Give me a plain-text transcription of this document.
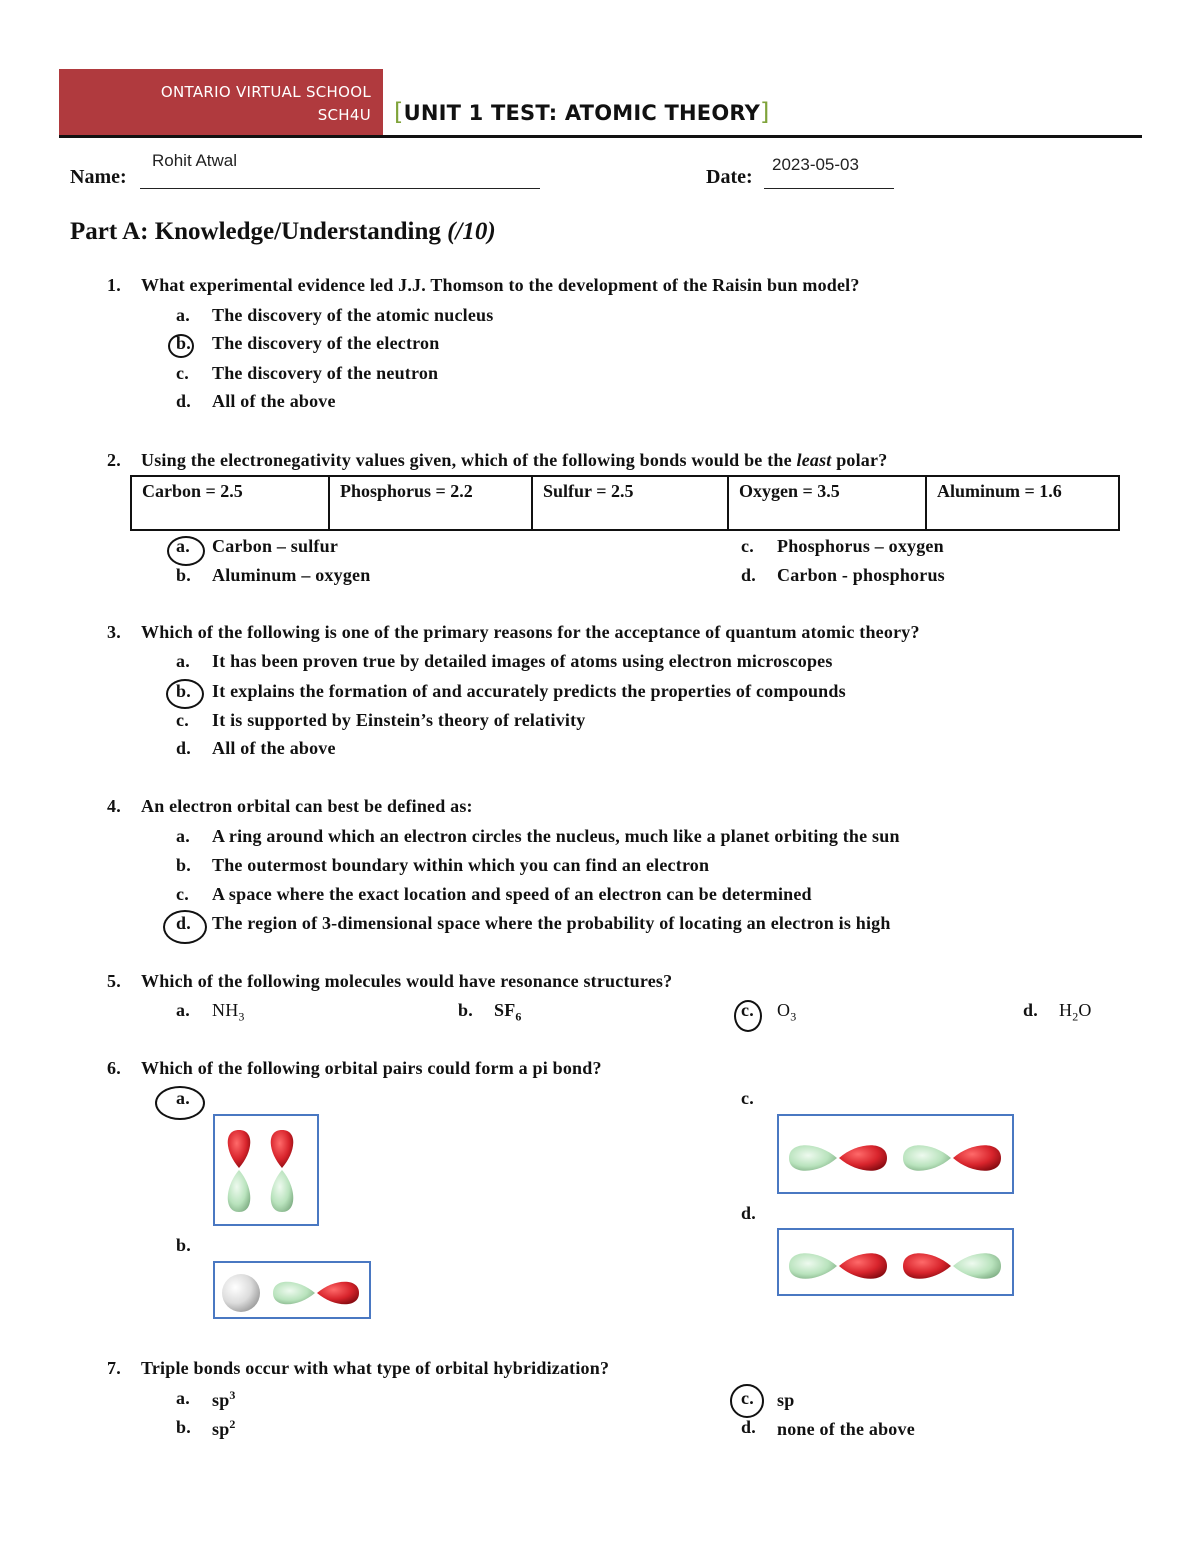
ONTARIO VIRTUAL SCHOOL
SCH4U [UNIT 1 TEST: ATOMIC THEORY]
Name:
Rohit Atwal
Date:
2023-05-03
Part A: Knowledge/Understanding (/10)
1. What experimental evidence led J.J. Thomson to the development of the Raisin bun model?
a. The discovery of the atomic nucleus
b. The discovery of the electron
c. The discovery of the neutron
d. All of the above
2. Using the electronegativity values given, which of the following bonds would be the least polar?
Carbon = 2.5	Phosphorus = 2.2	Sulfur = 2.5	Oxygen = 3.5	Aluminum = 1.6
a. Carbon – sulfur
b. Aluminum – oxygen
c. Phosphorus – oxygen
d. Carbon - phosphorus
3. Which of the following is one of the primary reasons for the acceptance of quantum atomic theory?
a. It has been proven true by detailed images of atoms using electron microscopes
b. It explains the formation of and accurately predicts the properties of compounds
c. It is supported by Einstein’s theory of relativity
d. All of the above
4. An electron orbital can best be defined as:
a. A ring around which an electron circles the nucleus, much like a planet orbiting the sun
b. The outermost boundary within which you can find an electron
c. A space where the exact location and speed of an electron can be determined
d. The region of 3-dimensional space where the probability of locating an electron is high
5. Which of the following molecules would have resonance structures?
a. $NH_3$	b. $SF_6$	c. $O_3$	d. $H_2O$
6. Which of the following orbital pairs could form a pi bond?
a.	c.
b.
d.
7. Triple bonds occur with what type of orbital hybridization?
a. $sp^3$
b. $sp^2$
c. sp
d. none of the above
